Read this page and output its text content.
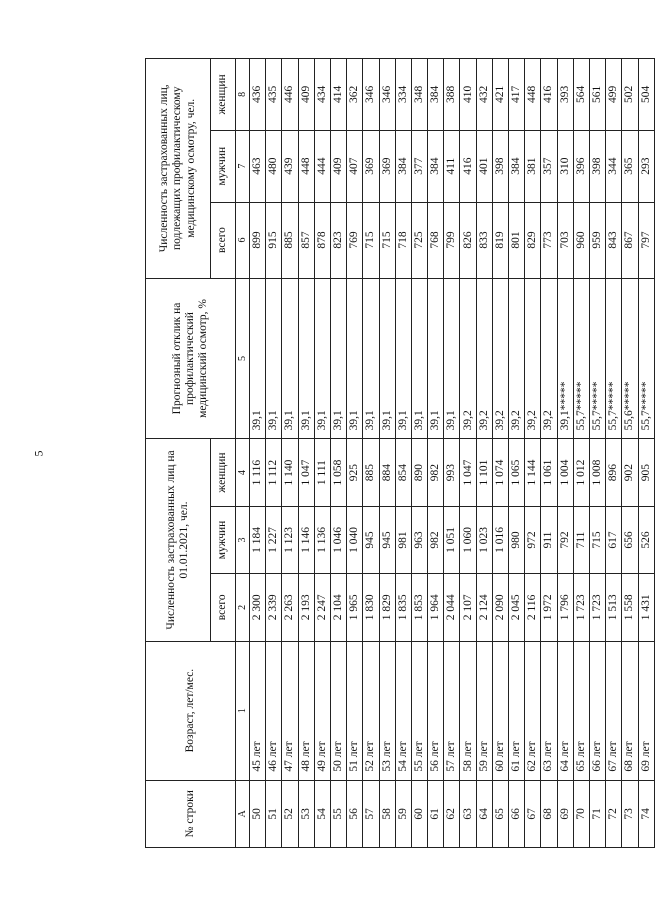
5
№ строки	Возраст, лет/мес.	Численность застрахованных лиц на 01.01.2021, чел.			Прогнозный отклик на профилактический медицинский осмотр, %	Численность застрахованных лиц, подлежащих профилактическому медицинскому осмотру, чел.		
		всего	мужчин	женщин		всего	мужчин	женщин
А	1	2	3	4	5	6	7	8
50	45 лет	2 300	1 184	1 116	39,1	899	463	436
51	46 лет	2 339	1 227	1 112	39,1	915	480	435
52	47 лет	2 263	1 123	1 140	39,1	885	439	446
53	48 лет	2 193	1 146	1 047	39,1	857	448	409
54	49 лет	2 247	1 136	1 111	39,1	878	444	434
55	50 лет	2 104	1 046	1 058	39,1	823	409	414
56	51 лет	1 965	1 040	925	39,1	769	407	362
57	52 лет	1 830	945	885	39,1	715	369	346
58	53 лет	1 829	945	884	39,1	715	369	346
59	54 лет	1 835	981	854	39,1	718	384	334
60	55 лет	1 853	963	890	39,1	725	377	348
61	56 лет	1 964	982	982	39,1	768	384	384
62	57 лет	2 044	1 051	993	39,1	799	411	388
63	58 лет	2 107	1 060	1 047	39,2	826	416	410
64	59 лет	2 124	1 023	1 101	39,2	833	401	432
65	60 лет	2 090	1 016	1 074	39,2	819	398	421
66	61 лет	2 045	980	1 065	39,2	801	384	417
67	62 лет	2 116	972	1 144	39,2	829	381	448
68	63 лет	1 972	911	1 061	39,2	773	357	416
69	64 лет	1 796	792	1 004	39,1*****	703	310	393
70	65 лет	1 723	711	1 012	55,7*****	960	396	564
71	66 лет	1 723	715	1 008	55,7*****	959	398	561
72	67 лет	1 513	617	896	55,7*****	843	344	499
73	68 лет	1 558	656	902	55,6*****	867	365	502
74	69 лет	1 431	526	905	55,7*****	797	293	504
